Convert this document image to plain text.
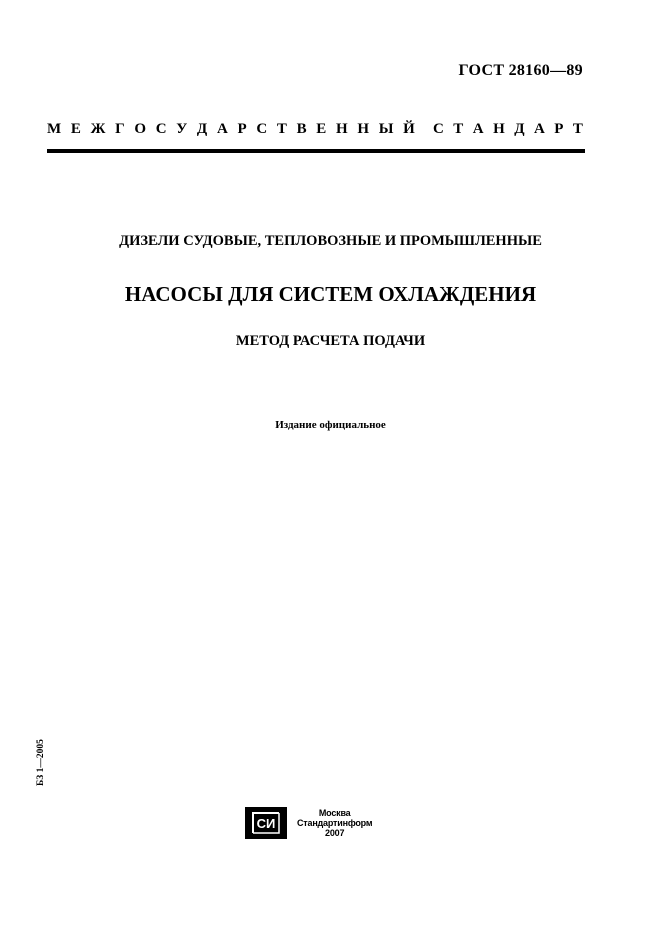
ГОСТ 28160—89
М Е Ж Г О С У Д А Р С Т В Е Н Н Ы Й С Т А Н Д А Р Т
ДИЗЕЛИ СУДОВЫЕ, ТЕПЛОВОЗНЫЕ И ПРОМЫШЛЕННЫЕ
НАСОСЫ ДЛЯ СИСТЕМ ОХЛАЖДЕНИЯ
МЕТОД РАСЧЕТА ПОДАЧИ
Издание официальное
БЗ 1—2005
СИ
Москва
Стандартинформ
2007
